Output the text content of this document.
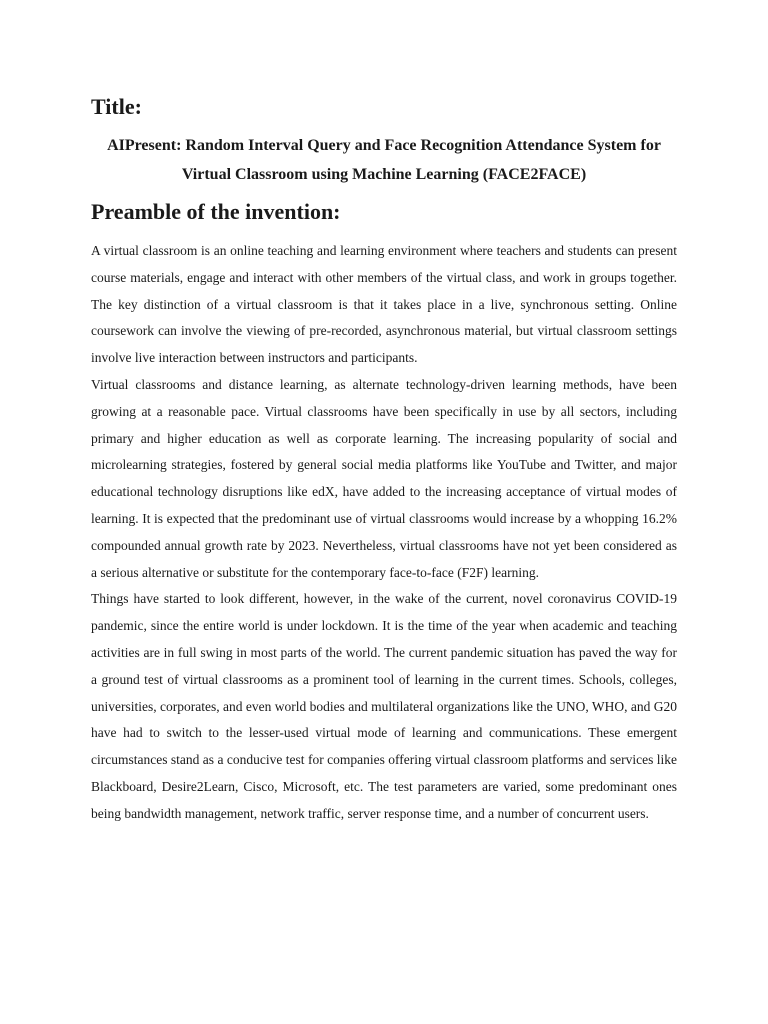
Title:
AIPresent: Random Interval Query and Face Recognition Attendance System for Virtual Classroom using Machine Learning (FACE2FACE)
Preamble of the invention:

A virtual classroom is an online teaching and learning environment where teachers and students can present course materials, engage and interact with other members of the virtual class, and work in groups together. The key distinction of a virtual classroom is that it takes place in a live, synchronous setting. Online coursework can involve the viewing of pre-recorded, asynchronous material, but virtual classroom settings involve live interaction between instructors and participants.

Virtual classrooms and distance learning, as alternate technology-driven learning methods, have been growing at a reasonable pace. Virtual classrooms have been specifically in use by all sectors, including primary and higher education as well as corporate learning. The increasing popularity of social and microlearning strategies, fostered by general social media platforms like YouTube and Twitter, and major educational technology disruptions like edX, have added to the increasing acceptance of virtual modes of learning. It is expected that the predominant use of virtual classrooms would increase by a whopping 16.2% compounded annual growth rate by 2023. Nevertheless, virtual classrooms have not yet been considered as a serious alternative or substitute for the contemporary face-to-face (F2F) learning.

Things have started to look different, however, in the wake of the current, novel coronavirus COVID-19 pandemic, since the entire world is under lockdown. It is the time of the year when academic and teaching activities are in full swing in most parts of the world. The current pandemic situation has paved the way for a ground test of virtual classrooms as a prominent tool of learning in the current times. Schools, colleges, universities, corporates, and even world bodies and multilateral organizations like the UNO, WHO, and G20 have had to switch to the lesser-used virtual mode of learning and communications. These emergent circumstances stand as a conducive test for companies offering virtual classroom platforms and services like Blackboard, Desire2Learn, Cisco, Microsoft, etc. The test parameters are varied, some predominant ones being bandwidth management, network traffic, server response time, and a number of concurrent users.
